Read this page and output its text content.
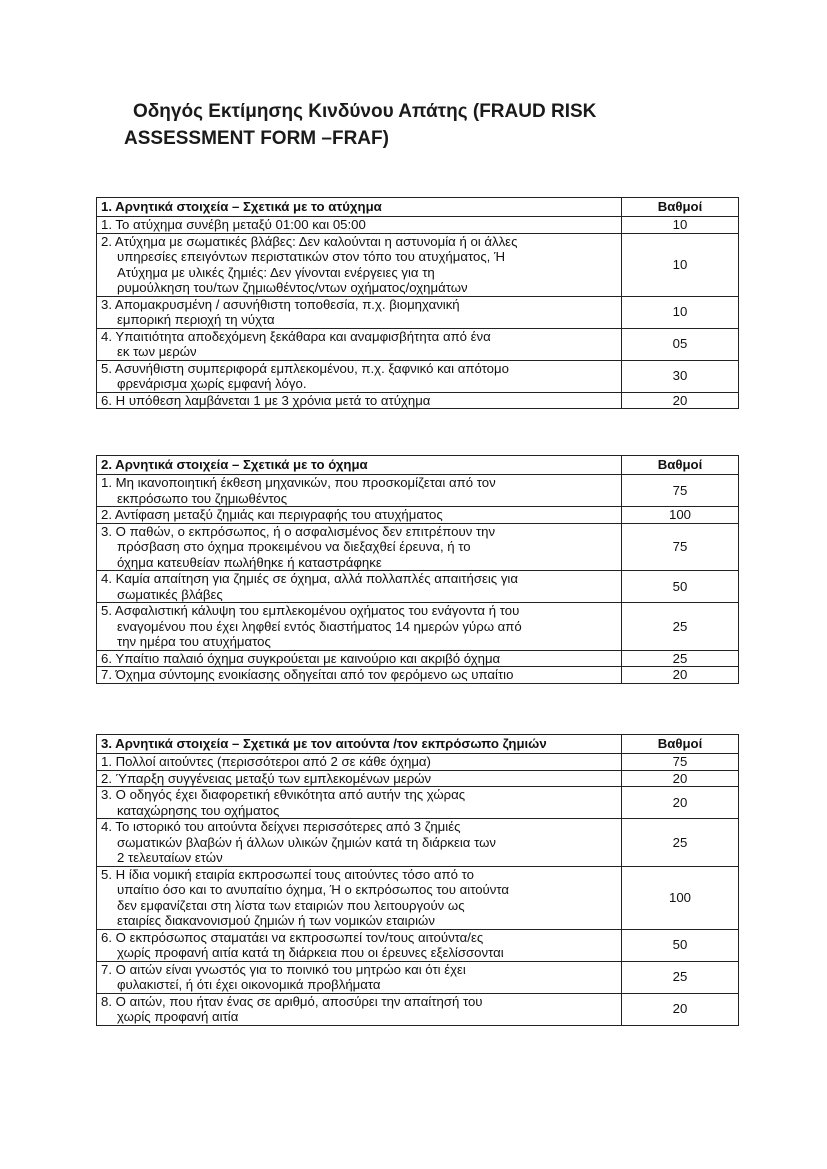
Οδηγός Εκτίμησης Κινδύνου Απάτης (FRAUD RISK
ASSESSMENT FORM –FRAF)
1. Αρνητικά στοιχεία – Σχετικά με το ατύχημα	Βαθμοί

1. Το ατύχημα συνέβη μεταξύ 01:00 και 05:00	10

2. Ατύχημα με σωματικές βλάβες: Δεν καλούνται η αστυνομία ή οι άλλες
υπηρεσίες επειγόντων περιστατικών στον τόπο του ατυχήματος, Ή
Ατύχημα με υλικές ζημιές: Δεν γίνονται ενέργειες για τη
ρυμούλκηση του/των ζημιωθέντος/ντων οχήματος/οχημάτων	10

3. Απομακρυσμένη / ασυνήθιστη τοποθεσία, π.χ. βιομηχανική
εμπορική περιοχή τη νύχτα	10

4. Υπαιτιότητα αποδεχόμενη ξεκάθαρα και αναμφισβήτητα από ένα
εκ των μερών	05

5. Ασυνήθιστη συμπεριφορά εμπλεκομένου, π.χ. ξαφνικό και απότομο
φρενάρισμα χωρίς εμφανή λόγο.	30

6. Η υπόθεση λαμβάνεται 1 με 3 χρόνια μετά το ατύχημα	20
2. Αρνητικά στοιχεία – Σχετικά με το όχημα	Βαθμοί

1. Μη ικανοποιητική έκθεση μηχανικών, που προσκομίζεται από τον
εκπρόσωπο του ζημιωθέντος	75

2. Αντίφαση μεταξύ ζημιάς και περιγραφής του ατυχήματος	100

3. Ο παθών, ο εκπρόσωπος, ή ο ασφαλισμένος δεν επιτρέπουν την
πρόσβαση στο όχημα προκειμένου να διεξαχθεί έρευνα, ή το
όχημα κατευθείαν πωλήθηκε ή καταστράφηκε	75

4. Καμία απαίτηση για ζημιές σε όχημα, αλλά πολλαπλές απαιτήσεις για
σωματικές βλάβες	50

5. Ασφαλιστική κάλυψη του εμπλεκομένου οχήματος του ενάγοντα ή του
εναγομένου που έχει ληφθεί εντός διαστήματος 14 ημερών γύρω από
την ημέρα του ατυχήματος	25

6. Υπαίτιο παλαιό όχημα συγκρούεται με καινούριο και ακριβό όχημα	25

7. Όχημα σύντομης ενοικίασης οδηγείται από τον φερόμενο ως υπαίτιο	20
3. Αρνητικά στοιχεία – Σχετικά με τον αιτούντα /τον εκπρόσωπο ζημιών	Βαθμοί

1. Πολλοί αιτούντες (περισσότεροι από 2 σε κάθε όχημα)	75

2. Ύπαρξη συγγένειας μεταξύ των εμπλεκομένων μερών	20

3. Ο οδηγός έχει διαφορετική εθνικότητα από αυτήν της χώρας
καταχώρησης του οχήματος	20

4. Το ιστορικό του αιτούντα δείχνει περισσότερες από 3 ζημιές
σωματικών βλαβών ή άλλων υλικών ζημιών κατά τη διάρκεια των
2 τελευταίων ετών	25

5. Η ίδια νομική εταιρία εκπροσωπεί τους αιτούντες τόσο από το
υπαίτιο όσο και το ανυπαίτιο όχημα, Ή ο εκπρόσωπος του αιτούντα
δεν εμφανίζεται στη λίστα των εταιριών που λειτουργούν ως
εταιρίες διακανονισμού ζημιών ή των νομικών εταιριών	100

6. Ο εκπρόσωπος σταματάει να εκπροσωπεί τον/τους αιτούντα/ες
χωρίς προφανή αιτία κατά τη διάρκεια που οι έρευνες εξελίσσονται	50

7. Ο αιτών είναι γνωστός για το ποινικό του μητρώο και ότι έχει
φυλακιστεί, ή ότι έχει οικονομικά προβλήματα	25

8. Ο αιτών, που ήταν ένας σε αριθμό, αποσύρει την απαίτησή του
χωρίς προφανή αιτία	20
